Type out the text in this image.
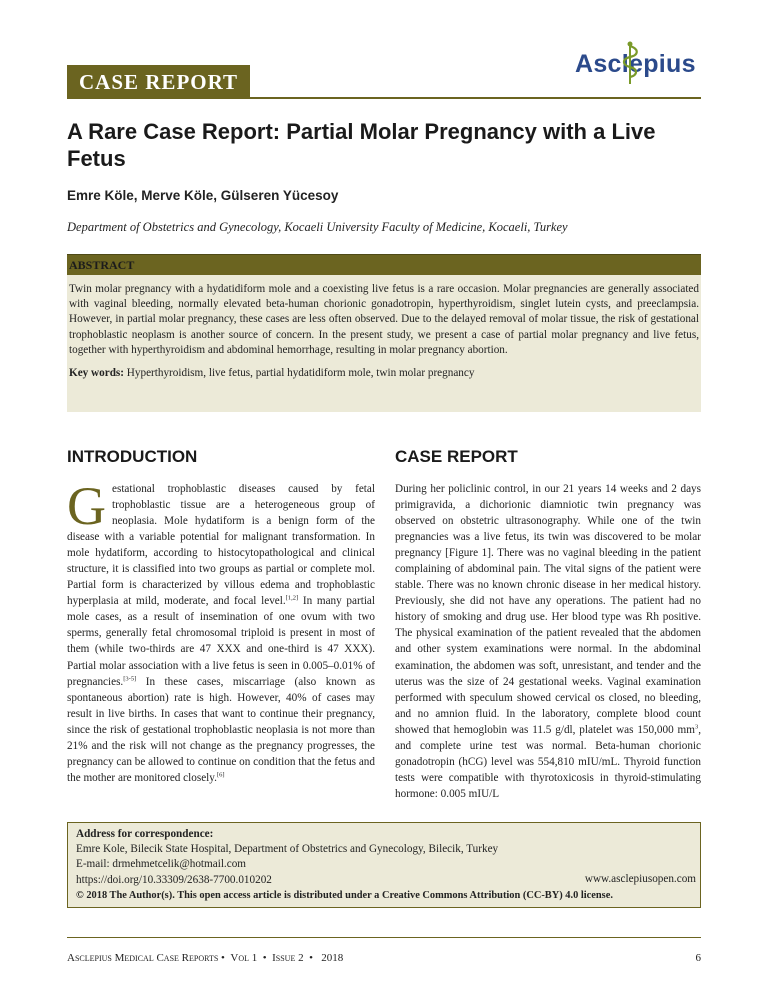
CASE REPORT
Asclepius
A Rare Case Report: Partial Molar Pregnancy with a Live Fetus
Emre Köle, Merve Köle, Gülseren Yücesoy
Department of Obstetrics and Gynecology, Kocaeli University Faculty of Medicine, Kocaeli, Turkey
ABSTRACT

Twin molar pregnancy with a hydatidiform mole and a coexisting live fetus is a rare occasion. Molar pregnancies are generally associated with vaginal bleeding, normally elevated beta-human chorionic gonadotropin, hyperthyroidism, singlet lutein cysts, and preeclampsia. However, in partial molar pregnancy, these cases are less often observed. Due to the delayed removal of molar tissue, the risk of gestational trophoblastic neoplasm is another source of concern. In the present study, we present a case of partial molar pregnancy and live fetus, together with hyperthyroidism and abdominal hemorrhage, resulting in molar pregnancy abortion.

Key words: Hyperthyroidism, live fetus, partial hydatidiform mole, twin molar pregnancy

INTRODUCTION

Gestational trophoblastic diseases caused by fetal trophoblastic tissue are a heterogeneous group of neoplasia. Mole hydatiform is a benign form of the disease with a variable potential for malignant transformation. In mole hydatiform, according to histocytopathological and clinical structure, it is classified into two groups as partial or complete mol. Partial form is characterized by villous edema and trophoblastic hyperplasia at mild, moderate, and focal level.[1,2] In many partial mole cases, as a result of insemination of one ovum with two sperms, generally fetal chromosomal triploid is present in most of them (while two-thirds are 47 XXX and one-third is 47 XXX). Partial molar association with a live fetus is seen in 0.005–0.01% of pregnancies.[3-5] In these cases, miscarriage (also known as spontaneous abortion) rate is high. However, 40% of cases may result in live births. In cases that want to continue their pregnancy, since the risk of gestational trophoblastic neoplasia is not more than 21% and the risk will not change as the pregnancy progresses, the pregnancy can be allowed to continue on condition that the fetus and the mother are monitored closely.[6]

CASE REPORT

During her policlinic control, in our 21 years 14 weeks and 2 days primigravida, a dichorionic diamniotic twin pregnancy was observed on obstetric ultrasonography. While one of the twin pregnancies was a live fetus, its twin was discovered to be molar pregnancy [Figure 1]. There was no vaginal bleeding in the patient complaining of abdominal pain. The vital signs of the patient were stable. There was no known chronic disease in her medical history. Previously, she did not have any operations. The patient had no history of smoking and drug use. Her blood type was Rh positive. The physical examination of the patient revealed that the abdomen and other system examinations were normal. In the abdominal examination, the abdomen was soft, unresistant, and tender and the uterus was the size of 24 gestational weeks. Vaginal examination performed with speculum showed cervical os closed, no bleeding, and no amnion fluid. In the laboratory, complete blood count showed that hemoglobin was 11.5 g/dl, platelet was 150,000 $mm^3$, and complete urine test was normal. Beta-human chorionic gonadotropin (hCG) level was 554,810 mIU/mL. Thyroid function tests were compatible with thyrotoxicosis in thyroid-stimulating hormone: 0.005 mIU/L

Address for correspondence:
Emre Kole, Bilecik State Hospital, Department of Obstetrics and Gynecology, Bilecik, Turkey
E-mail: drmehmetcelik@hotmail.com
https://doi.org/10.33309/2638-7700.010202	www.asclepiusopen.com
© 2018 The Author(s). This open access article is distributed under a Creative Commons Attribution (CC-BY) 4.0 license.
Asclepius Medical Case Reports • Vol 1 • Issue 2 • 2018	6
